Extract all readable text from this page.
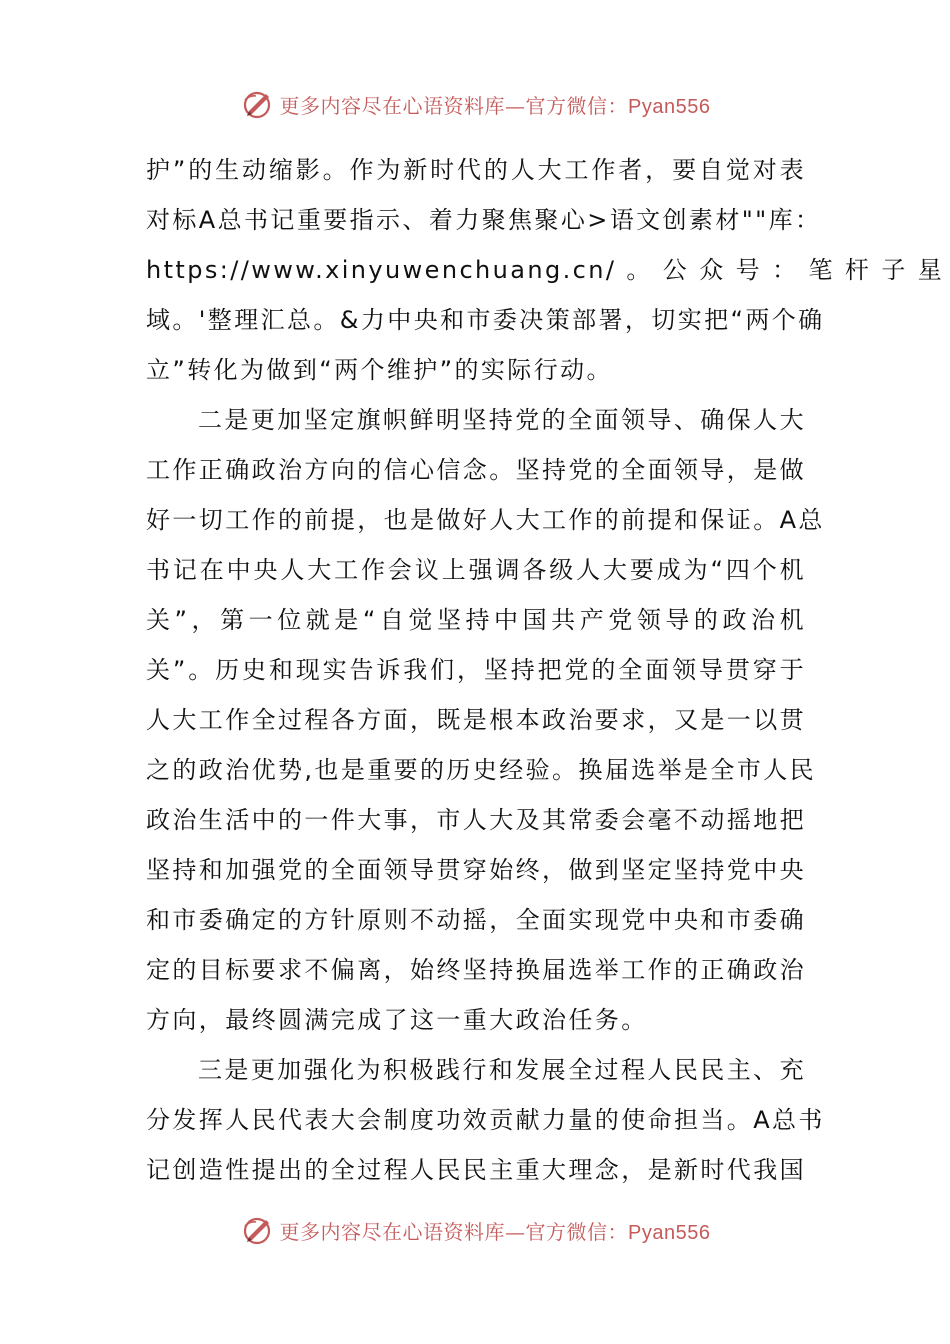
更多内容尽在心语资料库—官方微信：Pyan556
护”的生动缩影。作为新时代的人大工作者，要自觉对表
对标A总书记重要指示、着力聚焦聚心>语文创素材""库：
https://www.xinyuwenchuang.cn/ 。 公 众 号 ： 笔 杆 子 星
域。'整理汇总。&力中央和市委决策部署，切实把“两个确
立”转化为做到“两个维护”的实际行动。
二是更加坚定旗帜鲜明坚持党的全面领导、确保人大
工作正确政治方向的信心信念。坚持党的全面领导，是做
好一切工作的前提，也是做好人大工作的前提和保证。A总
书记在中央人大工作会议上强调各级人大要成为“四个机
关”，第一位就是“自觉坚持中国共产党领导的政治机
关”。历史和现实告诉我们，坚持把党的全面领导贯穿于
人大工作全过程各方面，既是根本政治要求，又是一以贯
之的政治优势,也是重要的历史经验。换届选举是全市人民
政治生活中的一件大事，市人大及其常委会毫不动摇地把
坚持和加强党的全面领导贯穿始终，做到坚定坚持党中央
和市委确定的方针原则不动摇，全面实现党中央和市委确
定的目标要求不偏离，始终坚持换届选举工作的正确政治
方向，最终圆满完成了这一重大政治任务。
三是更加强化为积极践行和发展全过程人民民主、充
分发挥人民代表大会制度功效贡献力量的使命担当。A总书
记创造性提出的全过程人民民主重大理念，是新时代我国
更多内容尽在心语资料库—官方微信：Pyan556
